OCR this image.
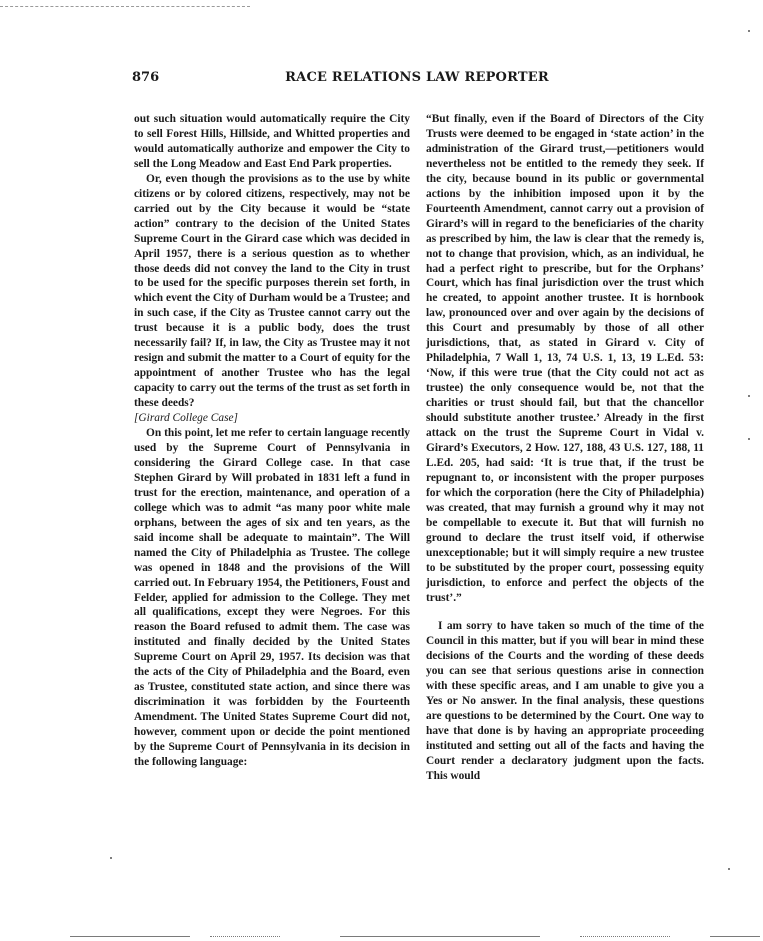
876	RACE RELATIONS LAW REPORTER

out such situation would automatically require the City to sell Forest Hills, Hillside, and Whitted properties and would automatically authorize and empower the City to sell the Long Meadow and East End Park properties.

Or, even though the provisions as to the use by white citizens or by colored citizens, respectively, may not be carried out by the City because it would be “state action” contrary to the decision of the United States Supreme Court in the Girard case which was decided in April 1957, there is a serious question as to whether those deeds did not convey the land to the City in trust to be used for the specific purposes therein set forth, in which event the City of Durham would be a Trustee; and in such case, if the City as Trustee cannot carry out the trust because it is a public body, does the trust necessarily fail? If, in law, the City as Trustee may it not resign and submit the matter to a Court of equity for the appointment of another Trustee who has the legal capacity to carry out the terms of the trust as set forth in these deeds?

[Girard College Case]

On this point, let me refer to certain language recently used by the Supreme Court of Pennsylvania in considering the Girard College case. In that case Stephen Girard by Will probated in 1831 left a fund in trust for the erection, maintenance, and operation of a college which was to admit “as many poor white male orphans, between the ages of six and ten years, as the said income shall be adequate to maintain”. The Will named the City of Philadelphia as Trustee. The college was opened in 1848 and the provisions of the Will carried out. In February 1954, the Petitioners, Foust and Felder, applied for admission to the College. They met all qualifications, except they were Negroes. For this reason the Board refused to admit them. The case was instituted and finally decided by the United States Supreme Court on April 29, 1957. Its decision was that the acts of the City of Philadelphia and the Board, even as Trustee, constituted state action, and since there was discrimination it was forbidden by the Fourteenth Amendment. The United States Supreme Court did not, however, comment upon or decide the point mentioned by the Supreme Court of Pennsylvania in its decision in the following language:

“But finally, even if the Board of Directors of the City Trusts were deemed to be engaged in ‘state action’ in the administration of the Girard trust,—petitioners would nevertheless not be entitled to the remedy they seek. If the city, because bound in its public or governmental actions by the inhibition imposed upon it by the Fourteenth Amendment, cannot carry out a provision of Girard’s will in regard to the beneficiaries of the charity as prescribed by him, the law is clear that the remedy is, not to change that provision, which, as an individual, he had a perfect right to prescribe, but for the Orphans’ Court, which has final jurisdiction over the trust which he created, to appoint another trustee. It is hornbook law, pronounced over and over again by the decisions of this Court and presumably by those of all other jurisdictions, that, as stated in Girard v. City of Philadelphia, 7 Wall 1, 13, 74 U.S. 1, 13, 19 L.Ed. 53: ‘Now, if this were true (that the City could not act as trustee) the only consequence would be, not that the charities or trust should fail, but that the chancellor should substitute another trustee.’ Already in the first attack on the trust the Supreme Court in Vidal v. Girard’s Executors, 2 How. 127, 188, 43 U.S. 127, 188, 11 L.Ed. 205, had said: ‘It is true that, if the trust be repugnant to, or inconsistent with the proper purposes for which the corporation (here the City of Philadelphia) was created, that may furnish a ground why it may not be compellable to execute it. But that will furnish no ground to declare the trust itself void, if otherwise unexceptionable; but it will simply require a new trustee to be substituted by the proper court, possessing equity jurisdiction, to enforce and perfect the objects of the trust’.”

I am sorry to have taken so much of the time of the Council in this matter, but if you will bear in mind these decisions of the Courts and the wording of these deeds you can see that serious questions arise in connection with these specific areas, and I am unable to give you a Yes or No answer. In the final analysis, these questions are questions to be determined by the Court. One way to have that done is by having an appropriate proceeding instituted and setting out all of the facts and having the Court render a declaratory judgment upon the facts. This would
